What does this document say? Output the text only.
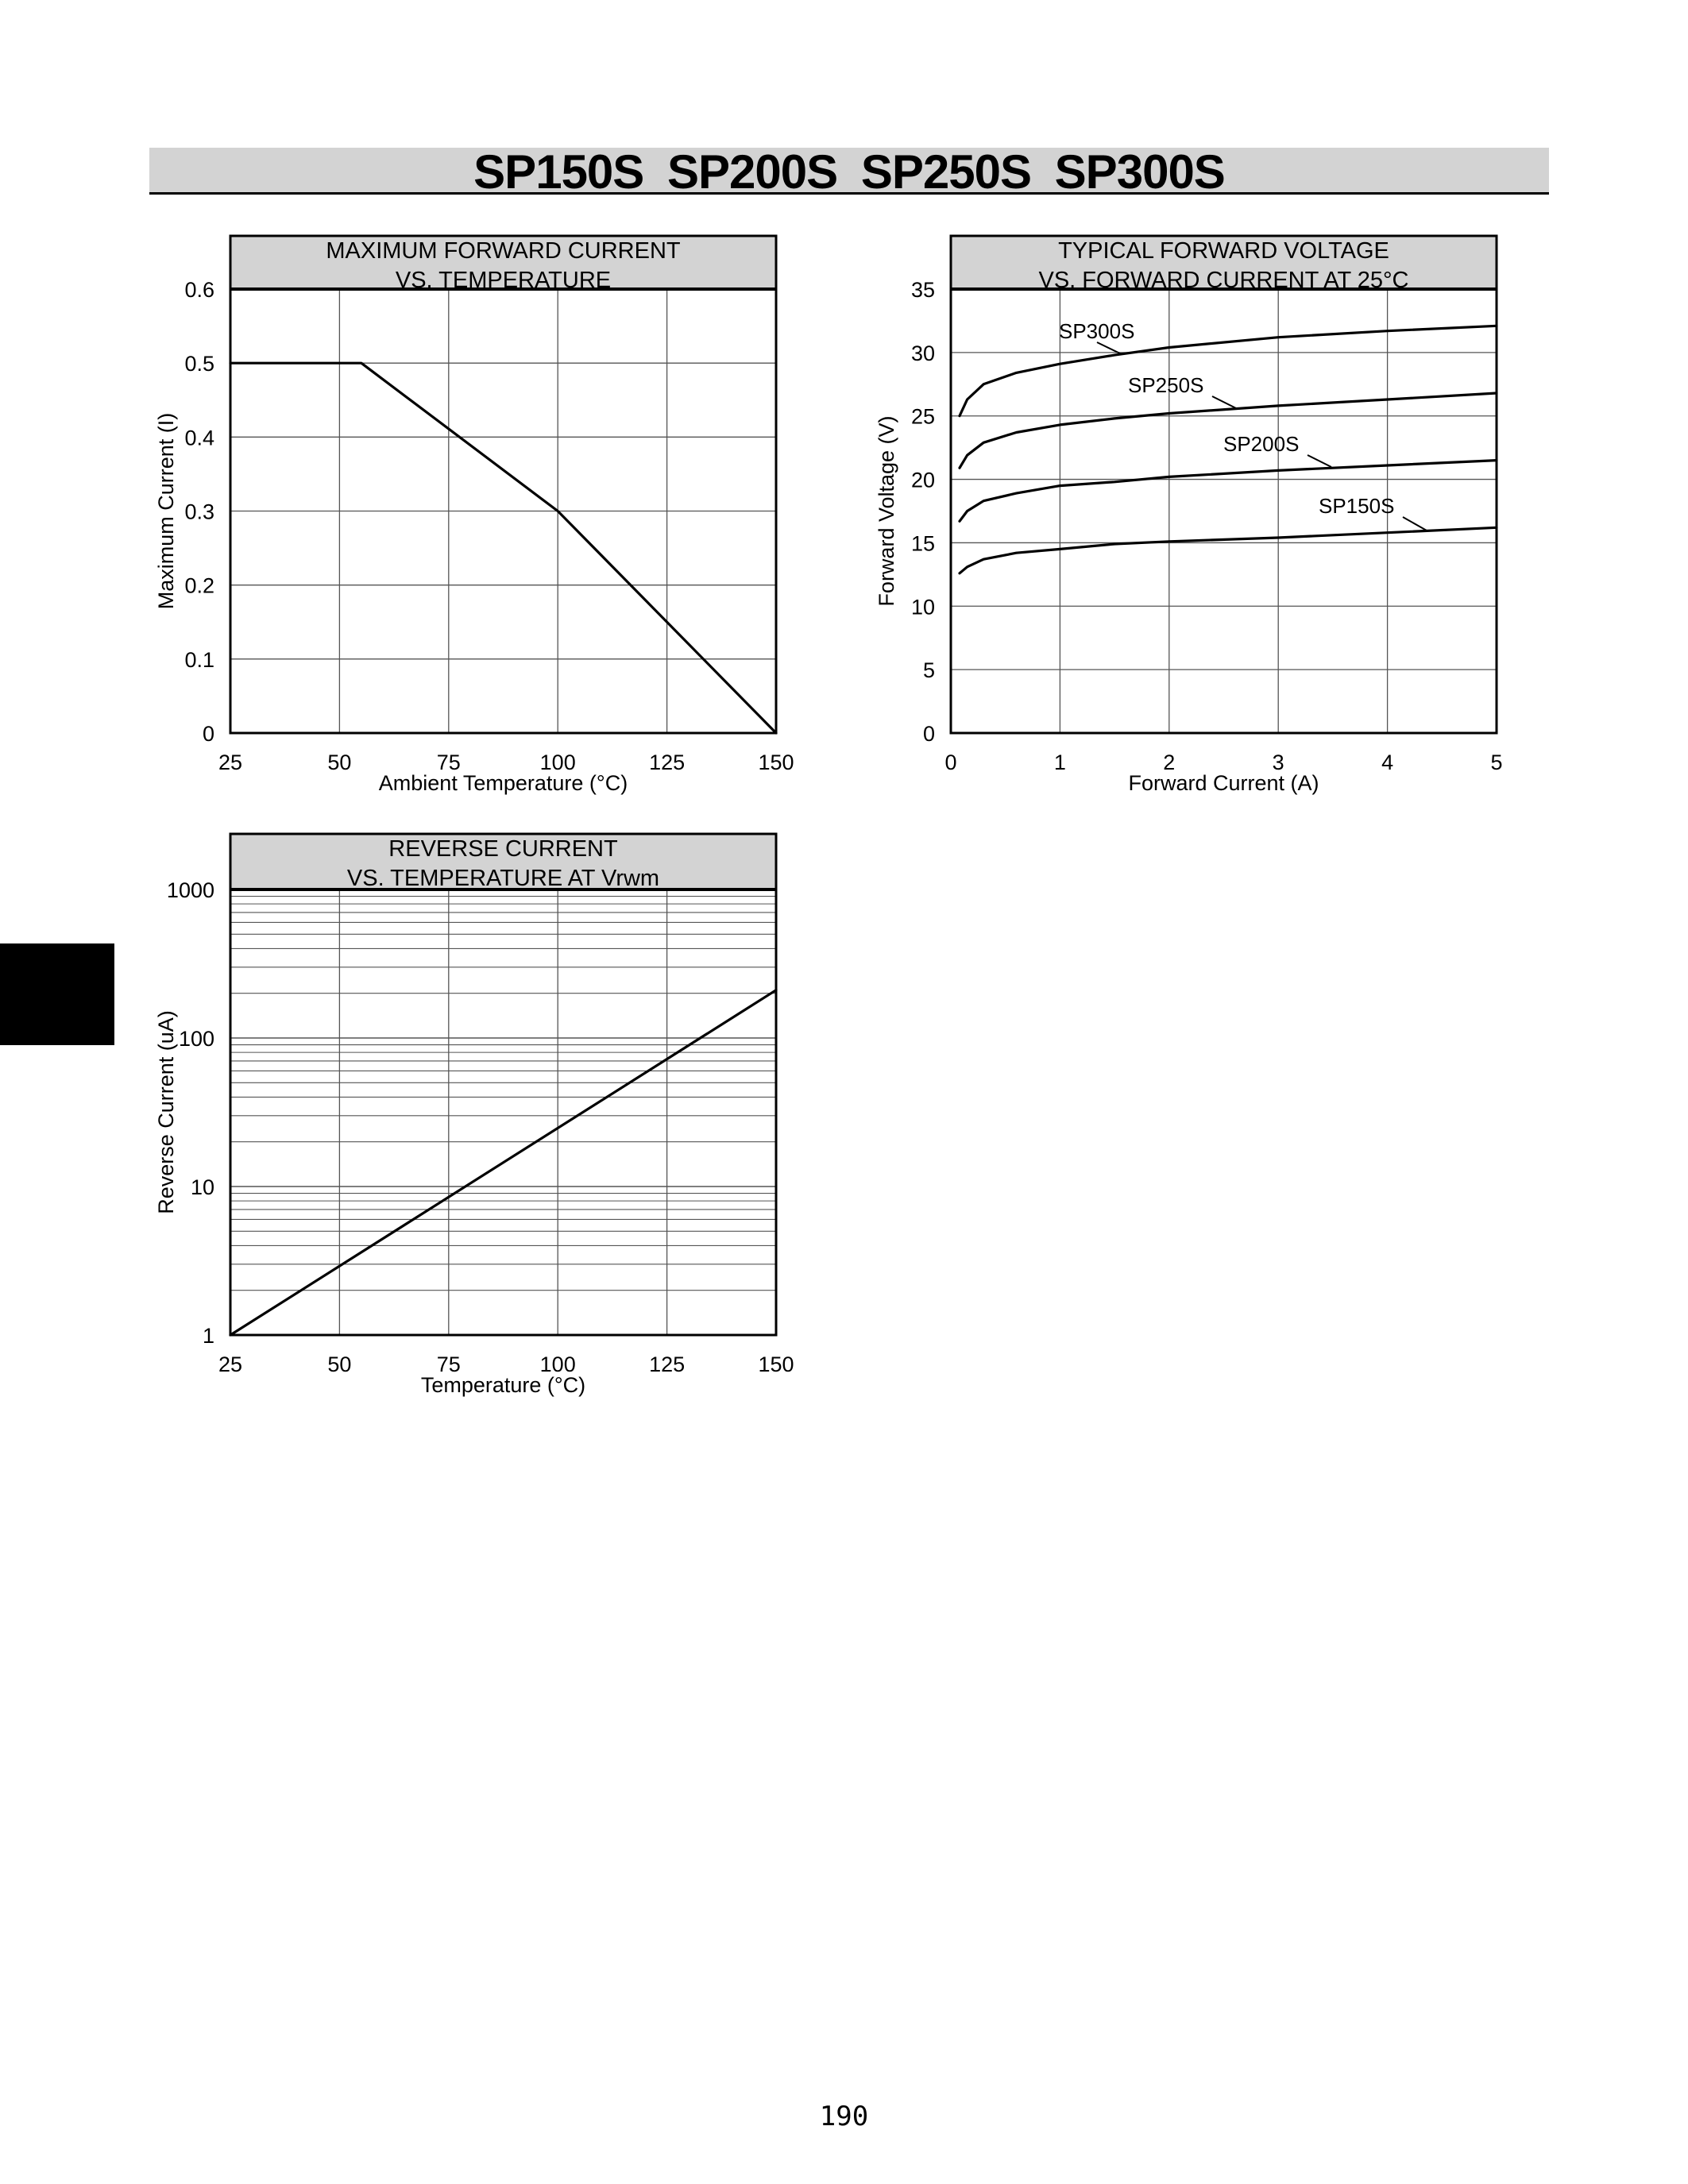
SP150S SP200S SP250S SP300S
MAXIMUM FORWARD CURRENT
VS. TEMPERATURE
25	50	75	100	125	150
0
0.1
0.2
0.3
0.4
0.5
0.6
Ambient Temperature (°C)
Maximum Current (I)
TYPICAL FORWARD VOLTAGE
VS. FORWARD CURRENT AT 25°C
0	1	2	3	4	5
0
5
10
15
20
25
30
35
Forward Current (A)
Forward Voltage (V)
SP300S
SP250S
SP200S
SP150S
REVERSE CURRENT
VS. TEMPERATURE AT Vrwm
25	50	75	100	125	150
1
10
100
1000
Temperature (°C)
Reverse Current (uA)
190
